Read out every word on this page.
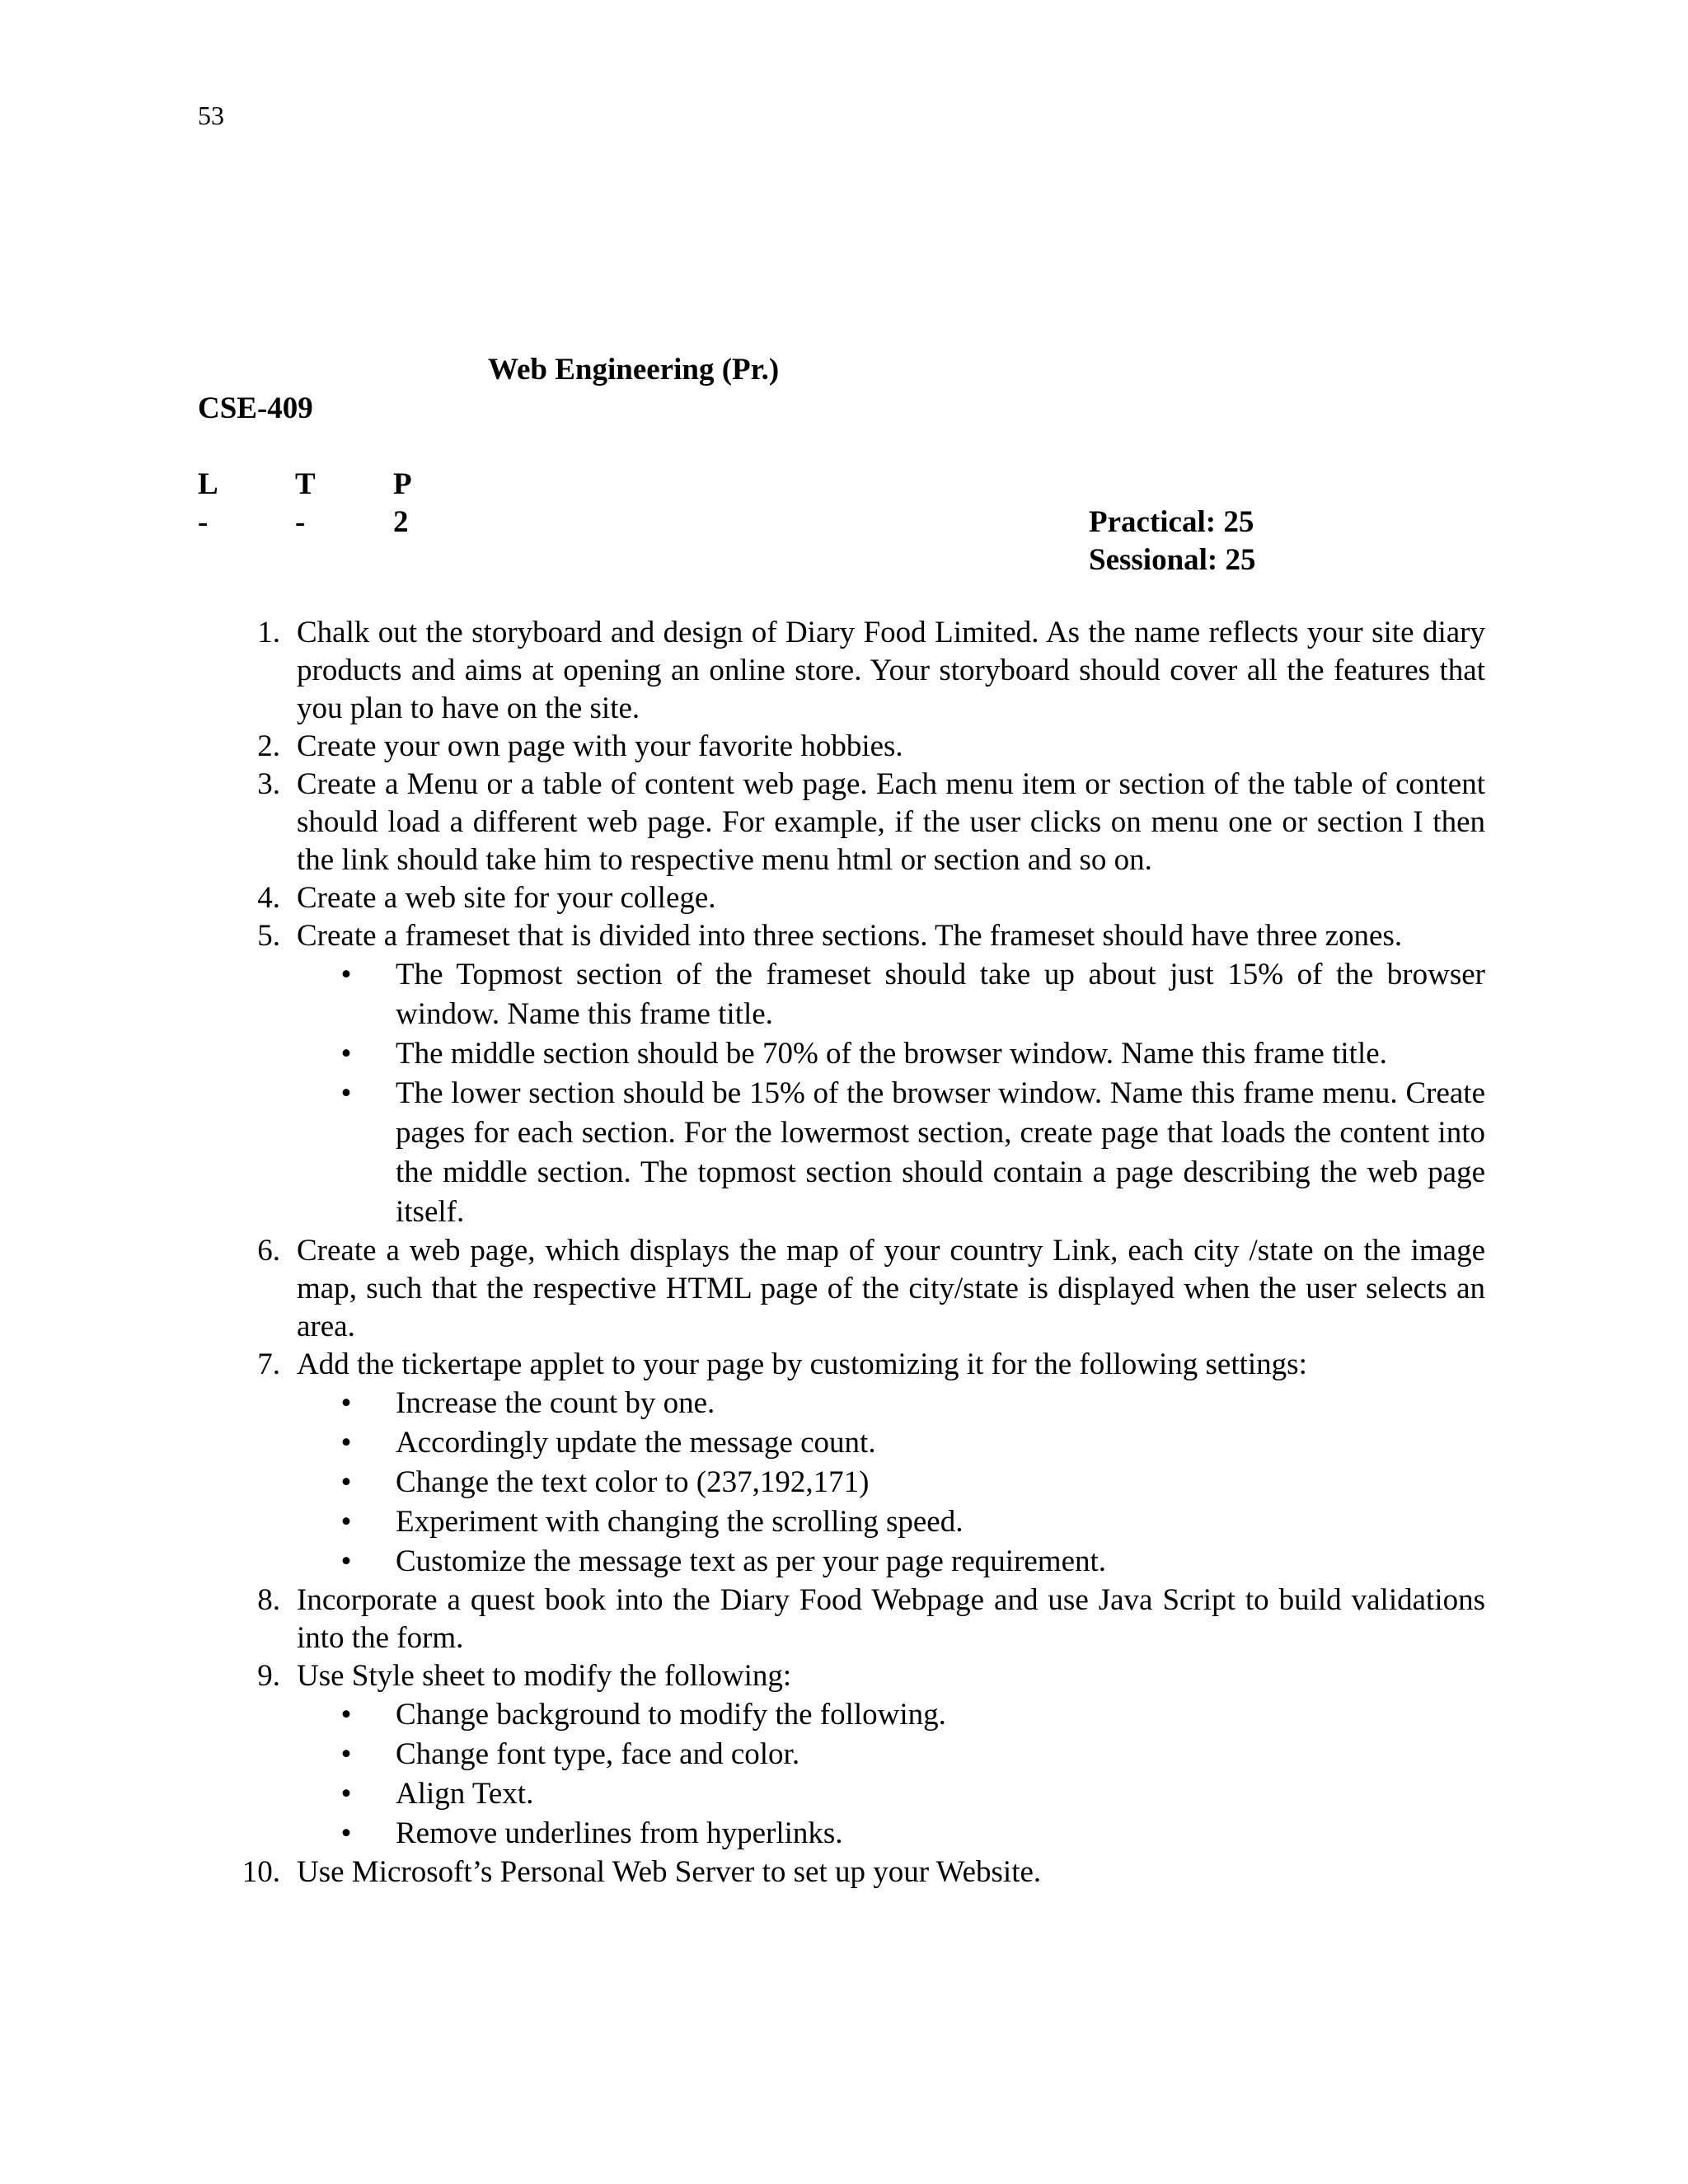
53
Web Engineering (Pr.)
CSE-409
L	T	P
-	-	2	Practical: 25
Sessional: 25
1. Chalk out the storyboard and design of Diary Food Limited. As the name reflects your site diary products and aims at opening an online store. Your storyboard should cover all the features that you plan to have on the site.

2. Create your own page with your favorite hobbies.

3. Create a Menu or a table of content web page. Each menu item or section of the table of content should load a different web page. For example, if the user clicks on menu one or section I then the link should take him to respective menu html or section and so on.

4. Create a web site for your college.

5. Create a frameset that is divided into three sections. The frameset should have three zones.

•	The Topmost section of the frameset should take up about just 15% of the browser window. Name this frame title.
•	The middle section should be 70% of the browser window. Name this frame title.
•	The lower section should be 15% of the browser window. Name this frame menu. Create pages for each section. For the lowermost section, create page that loads the content into the middle section. The topmost section should contain a page describing the web page itself.
6. Create a web page, which displays the map of your country Link, each city /state on the image map, such that the respective HTML page of the city/state is displayed when the user selects an area.

7. Add the tickertape applet to your page by customizing it for the following settings:

•	Increase the count by one.
•	Accordingly update the message count.
•	Change the text color to (237,192,171)
•	Experiment with changing the scrolling speed.
•	Customize the message text as per your page requirement.
8. Incorporate a quest book into the Diary Food Webpage and use Java Script to build validations into the form.

9. Use Style sheet to modify the following:

•	Change background to modify the following.
•	Change font type, face and color.
•	Align Text.
•	Remove underlines from hyperlinks.
10. Use Microsoft’s Personal Web Server to set up your Website.
